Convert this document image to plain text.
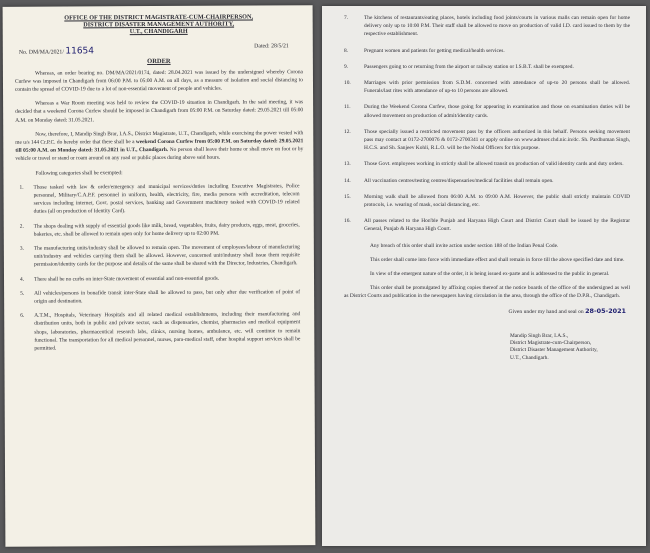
OFFICE OF THE DISTRICT MAGISTRATE-CUM-CHAIRPERSON,
DISTRICT DISASTER MANAGEMENT AUTHORITY,
U.T., CHANDIGARH
No. DM/MA/2021/ 11654	Dated: 28/5/21
ORDER

Whereas, an order bearing no. DM/MA/2021/0174, dated: 28.04.2021 was issued by the undersigned whereby Corona Curfew was imposed in Chandigarh from 06:00 P.M. to 05:00 A.M. on all days, as a measure of isolation and social distancing to contain the spread of COVID-19 due to a lot of non-essential movement of people and vehicles.

Whereas a War Room meeting was held to review the COVID-19 situation in Chandigarh. In the said meeting, it was decided that a weekend Corona Curfew should be imposed in Chandigarh from 05:00 P.M. on Saturday dated: 29.05.2021 till 05:00 A.M. on Monday dated: 31.05.2021.

Now, therefore, I, Mandip Singh Brar, I.A.S., District Magistrate, U.T., Chandigarh, while exercising the power vested with me u/s 144 Cr.P.C. do hereby order that there shall be a weekend Corona Curfew from 05:00 P.M. on Saturday dated: 29.05.2021 till 05:00 A.M. on Monday dated: 31.05.2021 in U.T., Chandigarh. No person shall leave their home or shall move on foot or by vehicle or travel or stand or roam around on any road or public places during above said hours.

Following categories shall be exempted:
1.	Those tasked with law & order/emergency and municipal services/duties including Executive Magistrates, Police personnel, Military/C.A.P.F. personnel in uniform, health, electricity, fire, media persons with accreditation, telecom services including internet, Govt. postal services, banking and Government machinery tasked with COVID-19 related duties (all on production of Identity Card).
2.	The shops dealing with supply of essential goods like milk, bread, vegetables, fruits, dairy products, eggs, meat, groceries, bakeries, etc. shall be allowed to remain open only for home delivery up to 02:00 PM.
3.	The manufacturing units/industry shall be allowed to remain open. The movement of employees/labour of manufacturing unit/industry and vehicles carrying them shall be allowed. However, concerned unit/industry shall issue them requisite permission/identity cards for the purpose and details of the same shall be shared with the Director, Industries, Chandigarh.
4.	There shall be no curbs on inter-State movement of essential and non-essential goods.
5.	All vehicles/persons in bonafide transit inter-State shall be allowed to pass, but only after due verification of point of origin and destination.
6.	A.T.M., Hospitals, Veterinary Hospitals and all related medical establishments, including their manufacturing and distribution units, both in public and private sector, such as dispensaries, chemist, pharmacies and medical equipment shops, laboratories, pharmaceutical research labs, clinics, nursing homes, ambulance, etc. will continue to remain functional. The transportation for all medical personnel, nurses, para-medical staff, other hospital support services shall be permitted.
7.	The kitchens of restaurants/eating places, hotels including food joints/courts in various malls can remain open for home delivery only up to 10:00 P.M. Their staff shall be allowed to move on production of valid I.D. card issued to them by the respective establishment.
8.	Pregnant women and patients for getting medical/health services.
9.	Passengers going to or returning from the airport or railway station or I.S.B.T. shall be exempted.
10.	Marriages with prior permission from S.D.M. concerned with attendance of up-to 20 persons shall be allowed. Funerals/last rites with attendance of up-to 10 persons are allowed.
11.	During the Weekend Corona Curfew, those going for appearing in examination and those on examination duties will be allowed movement on production of admit/identity cards.
12.	Those specially issued a restricted movement pass by the officers authorized in this behalf. Persons seeking movement pass may contact at 0172-2700076 & 0172-2700341 or apply online on www.admser.chd.nic.in/dc. Sh. Pardhuman Singh, H.C.S. and Sh. Sanjeev Kohli, R.L.O. will be the Nodal Officers for this purpose.
13.	Those Govt. employees working in strictly shall be allowed transit on production of valid identity cards and duty orders.
14.	All vaccination centres/testing centres/dispensaries/medical facilities shall remain open.
15.	Morning walk shall be allowed from 06:00 A.M. to 09:00 A.M. However, the public shall strictly maintain COVID protocols, i.e. wearing of mask, social distancing, etc.
16.	All passes related to the Hon'ble Punjab and Haryana High Court and District Court shall be issued by the Registrar General, Punjab & Haryana High Court.

Any breach of this order shall invite action under section 188 of the Indian Penal Code.

This order shall come into force with immediate effect and shall remain in force till the above specified date and time.

In view of the emergent nature of the order, it is being issued ex-parte and is addressed to the public in general.

This order shall be promulgated by affixing copies thereof at the notice boards of the office of the undersigned as well as District Courts and publication in the newspapers having circulation in the area, through the office of the D.P.R., Chandigarh.

Given under my hand and seal on 28-05-2021
Mandip Singh Brar, I.A.S.,
District Magistrate-cum-Chairperson,
District Disaster Management Authority,
U.T., Chandigarh.
